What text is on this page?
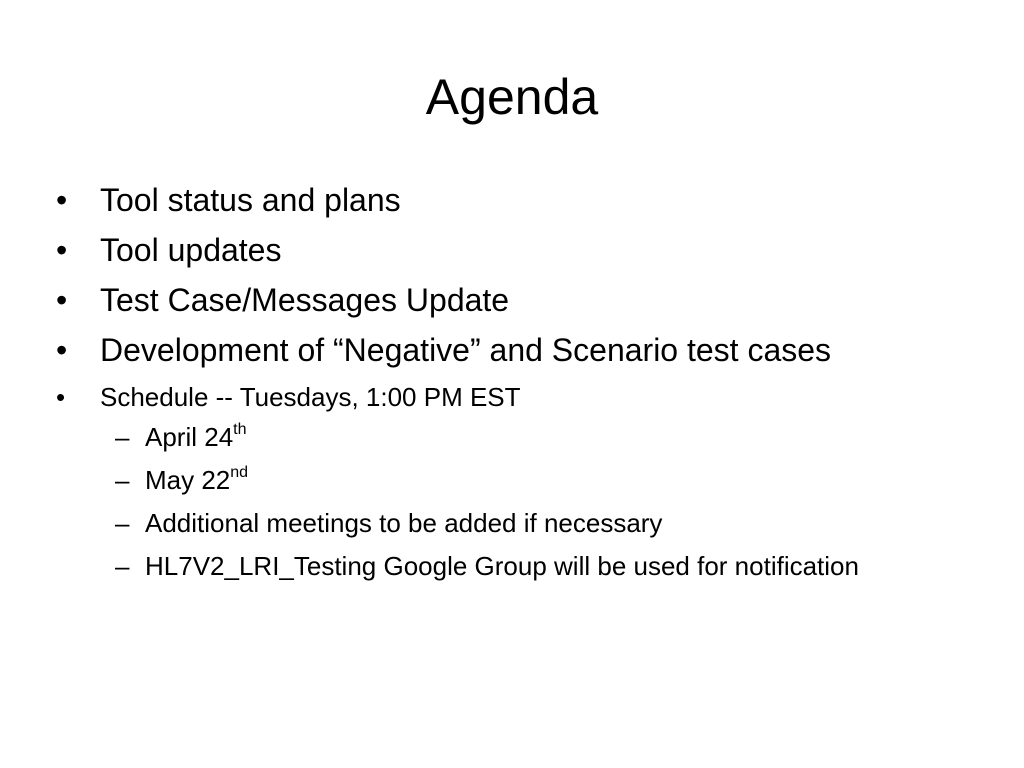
Agenda

• Tool status and plans

• Tool updates

• Test Case/Messages Update

• Development of “Negative” and Scenario test cases

• Schedule -- Tuesdays, 1:00 PM EST

– April 24th

– May 22nd

– Additional meetings to be added if necessary

– HL7V2_LRI_Testing Google Group will be used for notification
